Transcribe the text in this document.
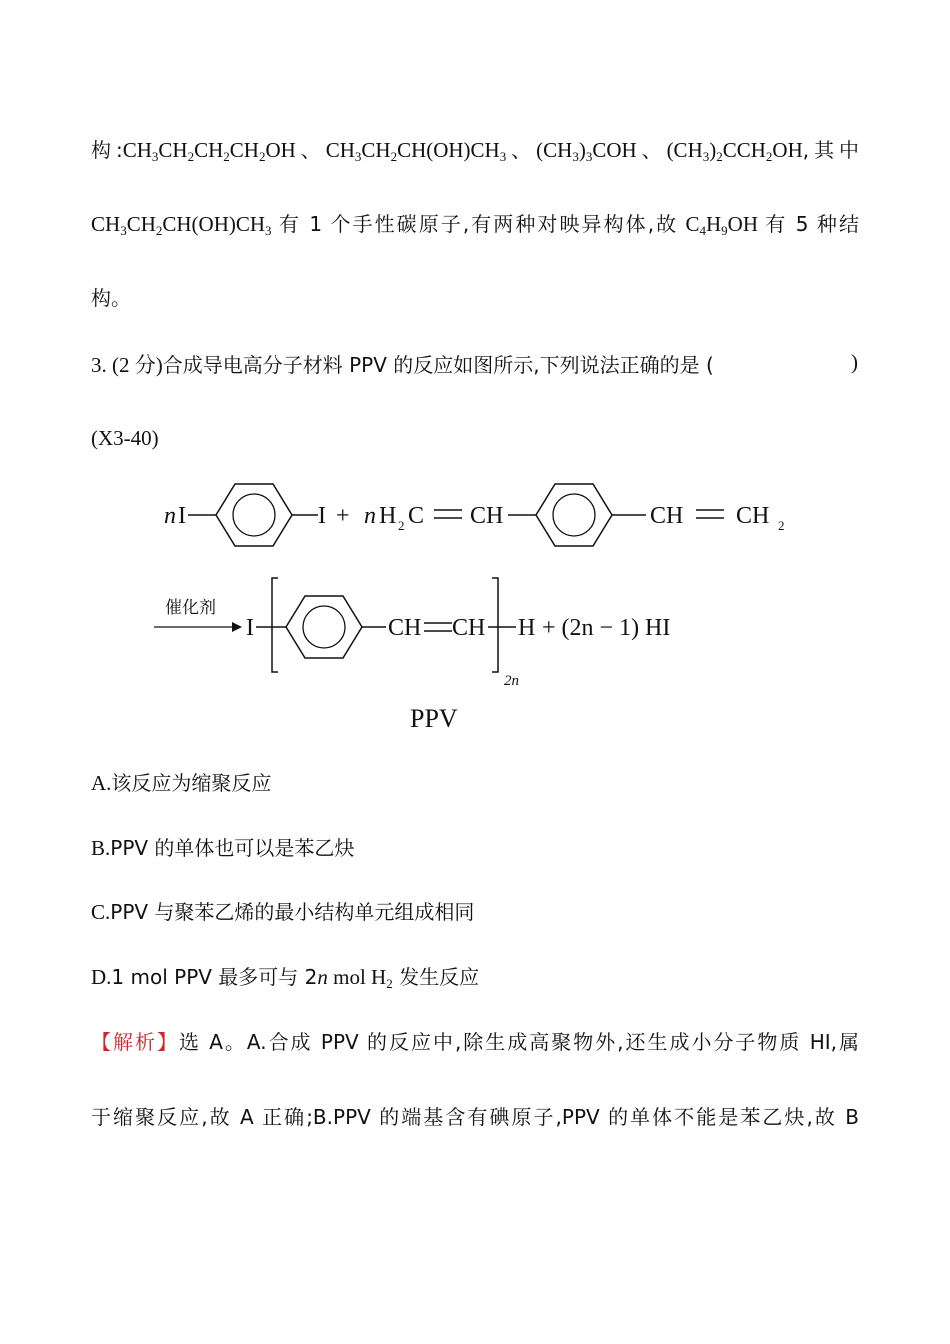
构$:CH_3CH_2CH_2CH_2OH$、$CH_3CH_2CH(OH)CH_3$、$(CH_3)_3COH$、$(CH_3)_2CCH_2OH$,其中
$CH_3CH_2CH(OH)CH_3$ 有 1 个手性碳原子,有两种对映异构体,故 $C_4H_9OH$ 有 5 种结
构。
3. (2 分)合成导电高分子材料 PPV 的反应如图所示,下列说法正确的是 (	)
(X3-40)
n I	I + n H 2 C CH	CH CH 2
催化剂
I	CH CH
2n
H + (2n − 1) HI
PPV
A.该反应为缩聚反应
B.PPV 的单体也可以是苯乙炔
C.PPV 与聚苯乙烯的最小结构单元组成相同
D.1 mol PPV 最多可与 2n mol $H_2$ 发生反应
【解析】选 A。A.合成 PPV 的反应中,除生成高聚物外,还生成小分子物质 HI,属
于缩聚反应,故 A 正确;B.PPV 的端基含有碘原子,PPV 的单体不能是苯乙炔,故 B
